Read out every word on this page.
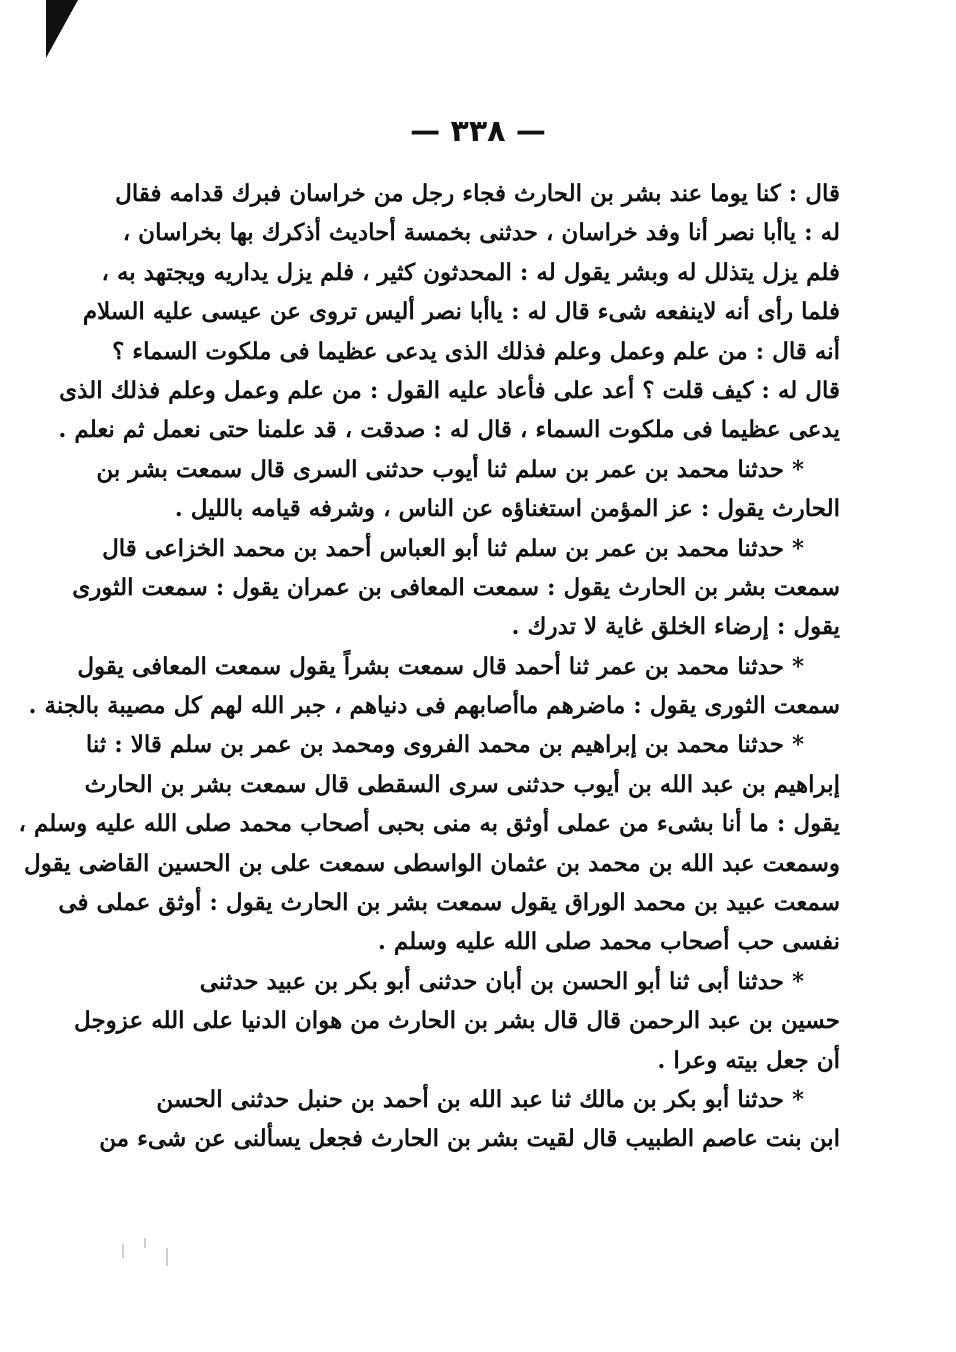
— ٣٣٨ —
قال : كنا يوما عند بشر بن الحارث فجاء رجل من خراسان فبرك قدامه فقال
له : ياأبا نصر أنا وفد خراسان ، حدثنى بخمسة أحاديث أذكرك بها بخراسان ،
فلم يزل يتذلل له وبشر يقول له : المحدثون كثير ، فلم يزل يداريه ويجتهد به ،
فلما رأى أنه لاينفعه شىء قال له : ياأبا نصر أليس تروى عن عيسى عليه السلام
أنه قال : من علم وعمل وعلم فذلك الذى يدعى عظيما فى ملكوت السماء ؟
قال له : كيف قلت ؟ أعد على فأعاد عليه القول : من علم وعمل وعلم فذلك الذى
يدعى عظيما فى ملكوت السماء ، قال له : صدقت ، قد علمنا حتى نعمل ثم نعلم .
* حدثنا محمد بن عمر بن سلم ثنا أيوب حدثنى السرى قال سمعت بشر بن
الحارث يقول : عز المؤمن استغناؤه عن الناس ، وشرفه قيامه بالليل .
* حدثنا محمد بن عمر بن سلم ثنا أبو العباس أحمد بن محمد الخزاعى قال
سمعت بشر بن الحارث يقول : سمعت المعافى بن عمران يقول : سمعت الثورى
يقول : إرضاء الخلق غاية لا تدرك .
* حدثنا محمد بن عمر ثنا أحمد قال سمعت بشراً يقول سمعت المعافى يقول
سمعت الثورى يقول : ماضرهم ماأصابهم فى دنياهم ، جبر الله لهم كل مصيبة بالجنة .
* حدثنا محمد بن إبراهيم بن محمد الفروى ومحمد بن عمر بن سلم قالا : ثنا
إبراهيم بن عبد الله بن أيوب حدثنى سرى السقطى قال سمعت بشر بن الحارث
يقول : ما أنا بشىء من عملى أوثق به منى بحبى أصحاب محمد صلى الله عليه وسلم ،
وسمعت عبد الله بن محمد بن عثمان الواسطى سمعت على بن الحسين القاضى يقول
سمعت عبيد بن محمد الوراق يقول سمعت بشر بن الحارث يقول : أوثق عملى فى
نفسى حب أصحاب محمد صلى الله عليه وسلم .
* حدثنا أبى ثنا أبو الحسن بن أبان حدثنى أبو بكر بن عبيد حدثنى
حسين بن عبد الرحمن قال قال بشر بن الحارث من هوان الدنيا على الله عزوجل
أن جعل بيته وعرا .
* حدثنا أبو بكر بن مالك ثنا عبد الله بن أحمد بن حنبل حدثنى الحسن
ابن بنت عاصم الطبيب قال لقيت بشر بن الحارث فجعل يسألنى عن شىء من
